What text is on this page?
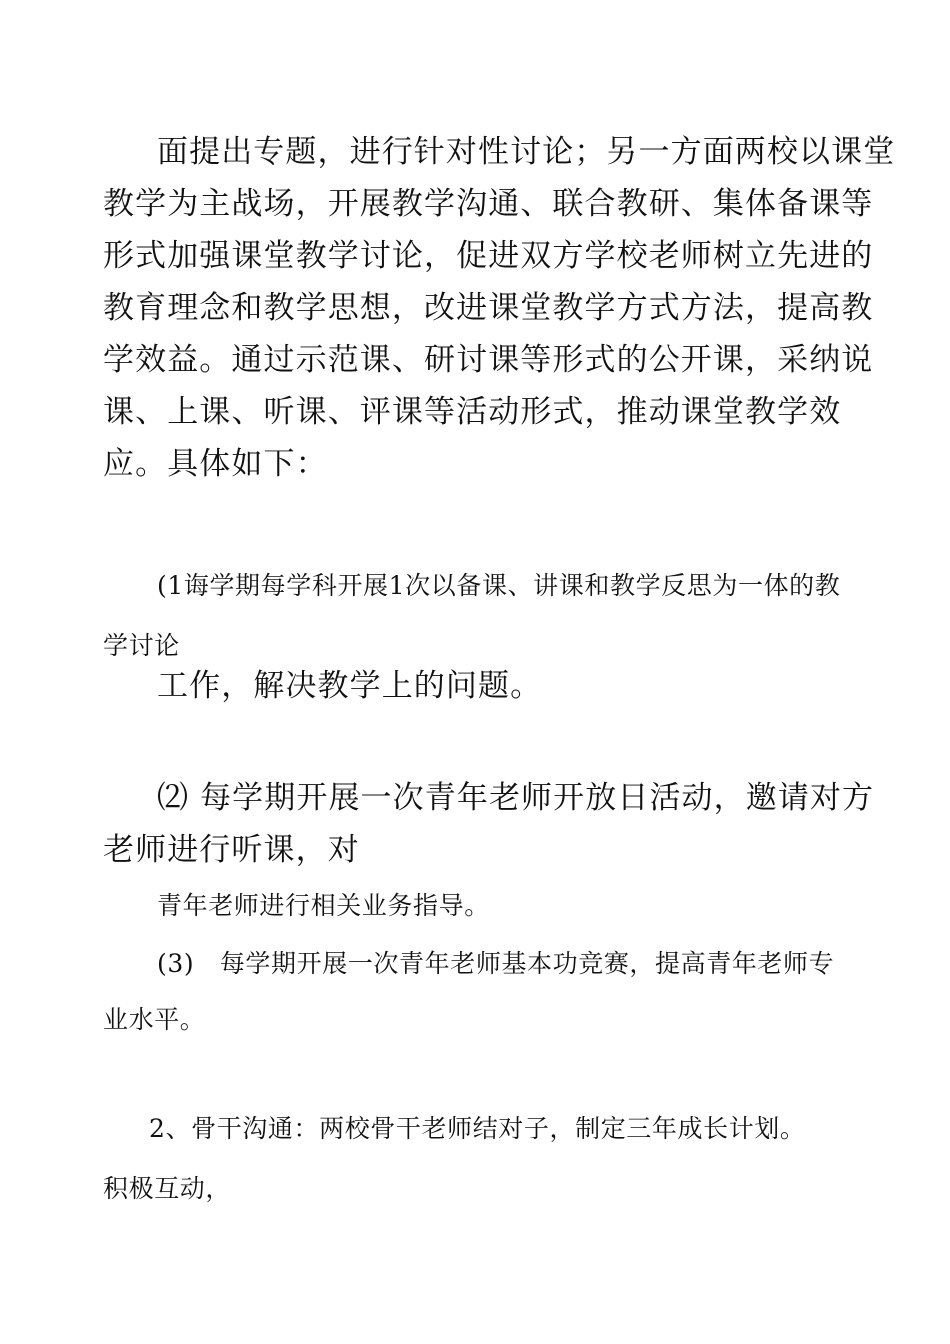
面提出专题，进行针对性讨论；另一方面两校以课堂
教学为主战场，开展教学沟通、联合教研、集体备课等
形式加强课堂教学讨论，促进双方学校老师树立先进的
教育理念和教学思想，改进课堂教学方式方法，提高教
学效益。通过示范课、研讨课等形式的公开课，采纳说
课、上课、听课、评课等活动形式，推动课堂教学效
应。具体如下：
(1诲学期每学科开展1次以备课、讲课和教学反思为一体的教
学讨论
工作，解决教学上的问题。
⑵ 每学期开展一次青年老师开放日活动，邀请对方
老师进行听课，对
青年老师进行相关业务指导。
(3)　每学期开展一次青年老师基本功竞赛，提高青年老师专
业水平。
2、骨干沟通：两校骨干老师结对子，制定三年成长计划。
积极互动，
